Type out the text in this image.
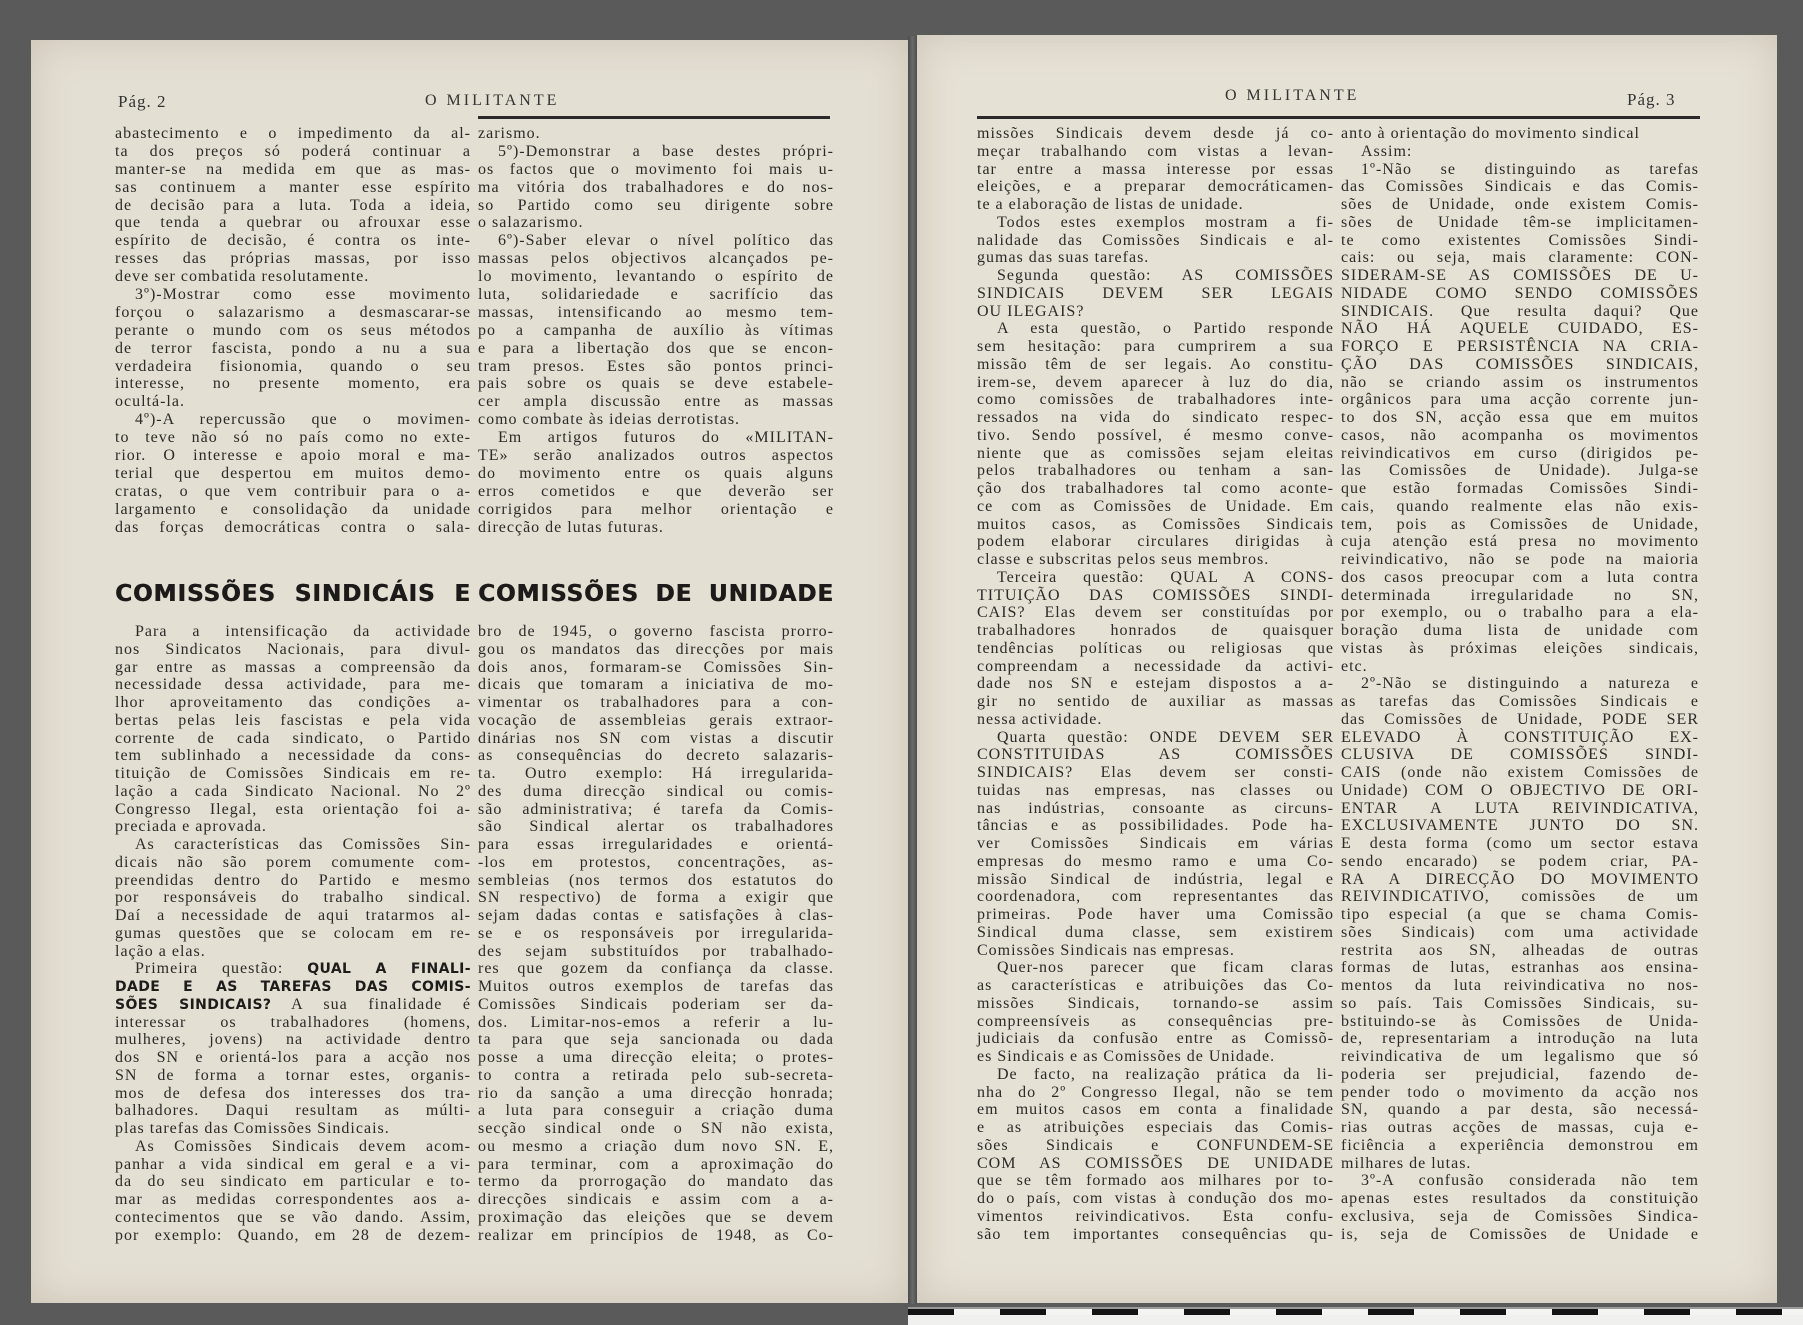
Pág. 2	O MILITANTE
abastecimento e o impedimento da al-
ta dos preços só poderá continuar a
manter-se na medida em que as mas-
sas continuem a manter esse espírito
de decisão para a luta. Toda a ideia,
que tenda a quebrar ou afrouxar esse
espírito de decisão, é contra os inte-
resses das próprias massas, por isso
deve ser combatida resolutamente.
3º)-Mostrar como esse movimento
forçou o salazarismo a desmascarar-se
perante o mundo com os seus métodos
de terror fascista, pondo a nu a sua
verdadeira fisionomia, quando o seu
interesse, no presente momento, era
ocultá-la.
4º)-A repercussão que o movimen-
to teve não só no país como no exte-
rior. O interesse e apoio moral e ma-
terial que despertou em muitos demo-
cratas, o que vem contribuir para o a-
largamento e consolidação da unidade
das forças democráticas contra o sala-
zarismo.
5º)-Demonstrar a base destes própri-
os factos que o movimento foi mais u-
ma vitória dos trabalhadores e do nos-
so Partido como seu dirigente sobre
o salazarismo.
6º)-Saber elevar o nível político das
massas pelos objectivos alcançados pe-
lo movimento, levantando o espírito de
luta, solidariedade e sacrifício das
massas, intensificando ao mesmo tem-
po a campanha de auxílio às vítimas
e para a libertação dos que se encon-
tram presos. Estes são pontos princi-
pais sobre os quais se deve estabele-
cer ampla discussão entre as massas
como combate às ideias derrotistas.
Em artigos futuros do «MILITAN-
TE» serão analizados outros aspectos
do movimento entre os quais alguns
erros cometidos e que deverão ser
corrigidos para melhor orientação e
direcção de lutas futuras.
COMISSÕES SINDICÁIS E COMISSÕES DE UNIDADE
Para a intensificação da actividade
nos Sindicatos Nacionais, para divul-
gar entre as massas a compreensão da
necessidade dessa actividade, para me-
lhor aproveitamento das condições a-
bertas pelas leis fascistas e pela vida
corrente de cada sindicato, o Partido
tem sublinhado a necessidade da cons-
tituição de Comissões Sindicais em re-
lação a cada Sindicato Nacional. No 2º
Congresso Ilegal, esta orientação foi a-
preciada e aprovada.
As características das Comissões Sin-
dicais não são porem comumente com-
preendidas dentro do Partido e mesmo
por responsáveis do trabalho sindical.
Daí a necessidade de aqui tratarmos al-
gumas questões que se colocam em re-
lação a elas.
Primeira questão: QUAL A FINALI-
DADE E AS TAREFAS DAS COMIS-
SÕES SINDICAIS? A sua finalidade é
interessar os trabalhadores (homens,
mulheres, jovens) na actividade dentro
dos SN e orientá-los para a acção nos
SN de forma a tornar estes, organis-
mos de defesa dos interesses dos tra-
balhadores. Daqui resultam as múlti-
plas tarefas das Comissões Sindicais.
As Comissões Sindicais devem acom-
panhar a vida sindical em geral e a vi-
da do seu sindicato em particular e to-
mar as medidas correspondentes aos a-
contecimentos que se vão dando. Assim,
por exemplo: Quando, em 28 de dezem-
bro de 1945, o governo fascista prorro-
gou os mandatos das direcções por mais
dois anos, formaram-se Comissões Sin-
dicais que tomaram a iniciativa de mo-
vimentar os trabalhadores para a con-
vocação de assembleias gerais extraor-
dinárias nos SN com vistas a discutir
as consequências do decreto salazaris-
ta. Outro exemplo: Há irregularida-
des duma direcção sindical ou comis-
são administrativa; é tarefa da Comis-
são Sindical alertar os trabalhadores
para essas irregularidades e orientá-
-los em protestos, concentrações, as-
sembleias (nos termos dos estatutos do
SN respectivo) de forma a exigir que
sejam dadas contas e satisfações à clas-
se e os responsáveis por irregularida-
des sejam substituídos por trabalhado-
res que gozem da confiança da classe.
Muitos outros exemplos de tarefas das
Comissões Sindicais poderiam ser da-
dos. Limitar-nos-emos a referir a lu-
ta para que seja sancionada ou dada
posse a uma direcção eleita; o protes-
to contra a retirada pelo sub-secreta-
rio da sanção a uma direcção honrada;
a luta para conseguir a criação duma
secção sindical onde o SN não exista,
ou mesmo a criação dum novo SN. E,
para terminar, com a aproximação do
termo da prorrogação do mandato das
direcções sindicais e assim com a a-
proximação das eleições que se devem
realizar em princípios de 1948, as Co-
O MILITANTE	Pág. 3
missões Sindicais devem desde já co-
meçar trabalhando com vistas a levan-
tar entre a massa interesse por essas
eleições, e a preparar democráticamen-
te a elaboração de listas de unidade.
Todos estes exemplos mostram a fi-
nalidade das Comissões Sindicais e al-
gumas das suas tarefas.
Segunda questão: AS COMISSÕES
SINDICAIS DEVEM SER LEGAIS
OU ILEGAIS?
A esta questão, o Partido responde
sem hesitação: para cumprirem a sua
missão têm de ser legais. Ao constitu-
irem-se, devem aparecer à luz do dia,
como comissões de trabalhadores inte-
ressados na vida do sindicato respec-
tivo. Sendo possível, é mesmo conve-
niente que as comissões sejam eleitas
pelos trabalhadores ou tenham a san-
ção dos trabalhadores tal como aconte-
ce com as Comissões de Unidade. Em
muitos casos, as Comissões Sindicais
podem elaborar circulares dirigidas à
classe e subscritas pelos seus membros.
Terceira questão: QUAL A CONS-
TITUIÇÃO DAS COMISSÕES SINDI-
CAIS? Elas devem ser constituídas por
trabalhadores honrados de quaisquer
tendências políticas ou religiosas que
compreendam a necessidade da activi-
dade nos SN e estejam dispostos a a-
gir no sentido de auxiliar as massas
nessa actividade.
Quarta questão: ONDE DEVEM SER
CONSTITUIDAS AS COMISSÕES
SINDICAIS? Elas devem ser consti-
tuidas nas empresas, nas classes ou
nas indústrias, consoante as circuns-
tâncias e as possibilidades. Pode ha-
ver Comissões Sindicais em várias
empresas do mesmo ramo e uma Co-
missão Sindical de indústria, legal e
coordenadora, com representantes das
primeiras. Pode haver uma Comissão
Sindical duma classe, sem existirem
Comissões Sindicais nas empresas.
Quer-nos parecer que ficam claras
as características e atribuições das Co-
missões Sindicais, tornando-se assim
compreensíveis as consequências pre-
judiciais da confusão entre as Comissõ-
es Sindicais e as Comissões de Unidade.
De facto, na realização prática da li-
nha do 2º Congresso Ilegal, não se tem
em muitos casos em conta a finalidade
e as atribuições especiais das Comis-
sões Sindicais e CONFUNDEM-SE
COM AS COMISSÕES DE UNIDADE
que se têm formado aos milhares por to-
do o país, com vistas à condução dos mo-
vimentos reivindicativos. Esta confu-
são tem importantes consequências qu-
anto à orientação do movimento sindical
Assim:
1º-Não se distinguindo as tarefas
das Comissões Sindicais e das Comis-
sões de Unidade, onde existem Comis-
sões de Unidade têm-se implicitamen-
te como existentes Comissões Sindi-
cais: ou seja, mais claramente: CON-
SIDERAM-SE AS COMISSÕES DE U-
NIDADE COMO SENDO COMISSÕES
SINDICAIS. Que resulta daqui? Que
NÃO HÁ AQUELE CUIDADO, ES-
FORÇO E PERSISTÊNCIA NA CRIA-
ÇÃO DAS COMISSÕES SINDICAIS,
não se criando assim os instrumentos
orgânicos para uma acção corrente jun-
to dos SN, acção essa que em muitos
casos, não acompanha os movimentos
reivindicativos em curso (dirigidos pe-
las Comissões de Unidade). Julga-se
que estão formadas Comissões Sindi-
cais, quando realmente elas não exis-
tem, pois as Comissões de Unidade,
cuja atenção está presa no movimento
reivindicativo, não se pode na maioria
dos casos preocupar com a luta contra
determinada irregularidade no SN,
por exemplo, ou o trabalho para a ela-
boração duma lista de unidade com
vistas às próximas eleições sindicais,
etc.
2º-Não se distinguindo a natureza e
as tarefas das Comissões Sindicais e
das Comissões de Unidade, PODE SER
ELEVADO À CONSTITUIÇÃO EX-
CLUSIVA DE COMISSÕES SINDI-
CAIS (onde não existem Comissões de
Unidade) COM O OBJECTIVO DE ORI-
ENTAR A LUTA REIVINDICATIVA,
EXCLUSIVAMENTE JUNTO DO SN.
E desta forma (como um sector estava
sendo encarado) se podem criar, PA-
RA A DIRECÇÃO DO MOVIMENTO
REIVINDICATIVO, comissões de um
tipo especial (a que se chama Comis-
sões Sindicais) com uma actividade
restrita aos SN, alheadas de outras
formas de lutas, estranhas aos ensina-
mentos da luta reivindicativa no nos-
so país. Tais Comissões Sindicais, su-
bstituindo-se às Comissões de Unida-
de, representariam a introdução na luta
reivindicativa de um legalismo que só
poderia ser prejudicial, fazendo de-
pender todo o movimento da acção nos
SN, quando a par desta, são necessá-
rias outras acções de massas, cuja e-
ficiência a experiência demonstrou em
milhares de lutas.
3º-A confusão considerada não tem
apenas estes resultados da constituição
exclusiva, seja de Comissões Sindica-
is, seja de Comissões de Unidade e
